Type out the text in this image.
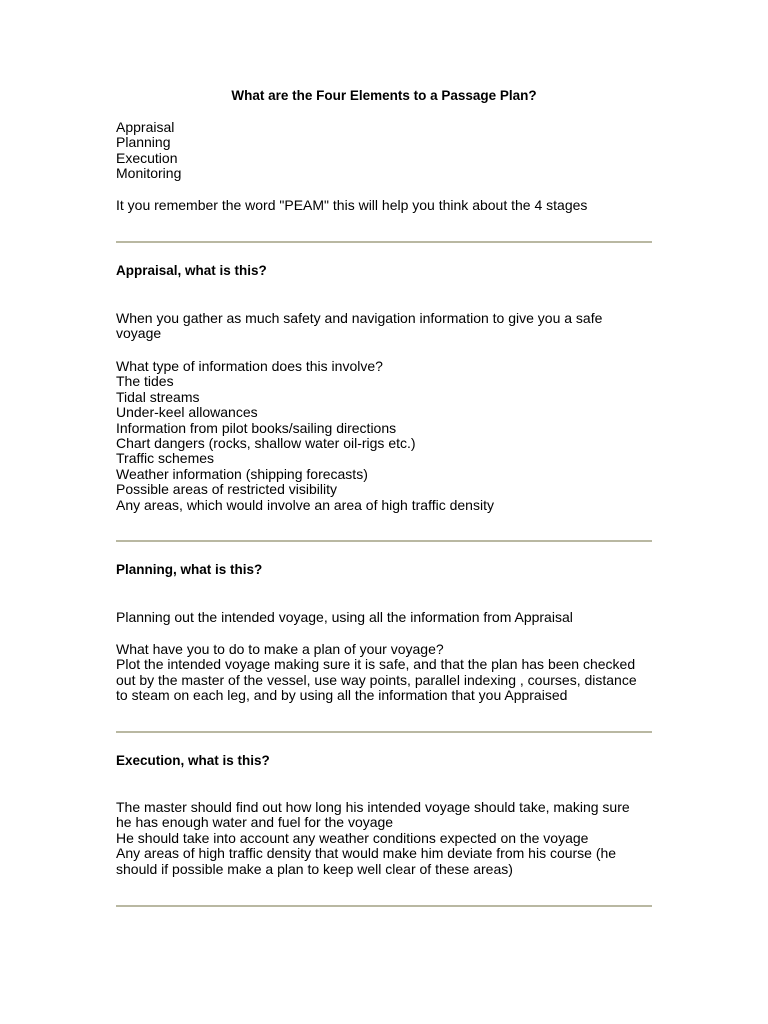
What are the Four Elements to a Passage Plan?
Appraisal
Planning
Execution
Monitoring
It you remember the word "PEAM" this will help you think about the 4 stages
Appraisal, what is this?
When you gather as much safety and navigation information to give you a safe
voyage
What type of information does this involve?
The tides
Tidal streams
Under-keel allowances
Information from pilot books/sailing directions
Chart dangers (rocks, shallow water oil-rigs etc.)
Traffic schemes
Weather information (shipping forecasts)
Possible areas of restricted visibility
Any areas, which would involve an area of high traffic density
Planning, what is this?
Planning out the intended voyage, using all the information from Appraisal
What have you to do to make a plan of your voyage?
Plot the intended voyage making sure it is safe, and that the plan has been checked
out by the master of the vessel, use way points, parallel indexing , courses, distance
to steam on each leg, and by using all the information that you Appraised
Execution, what is this?
The master should find out how long his intended voyage should take, making sure
he has enough water and fuel for the voyage
He should take into account any weather conditions expected on the voyage
Any areas of high traffic density that would make him deviate from his course (he
should if possible make a plan to keep well clear of these areas)
